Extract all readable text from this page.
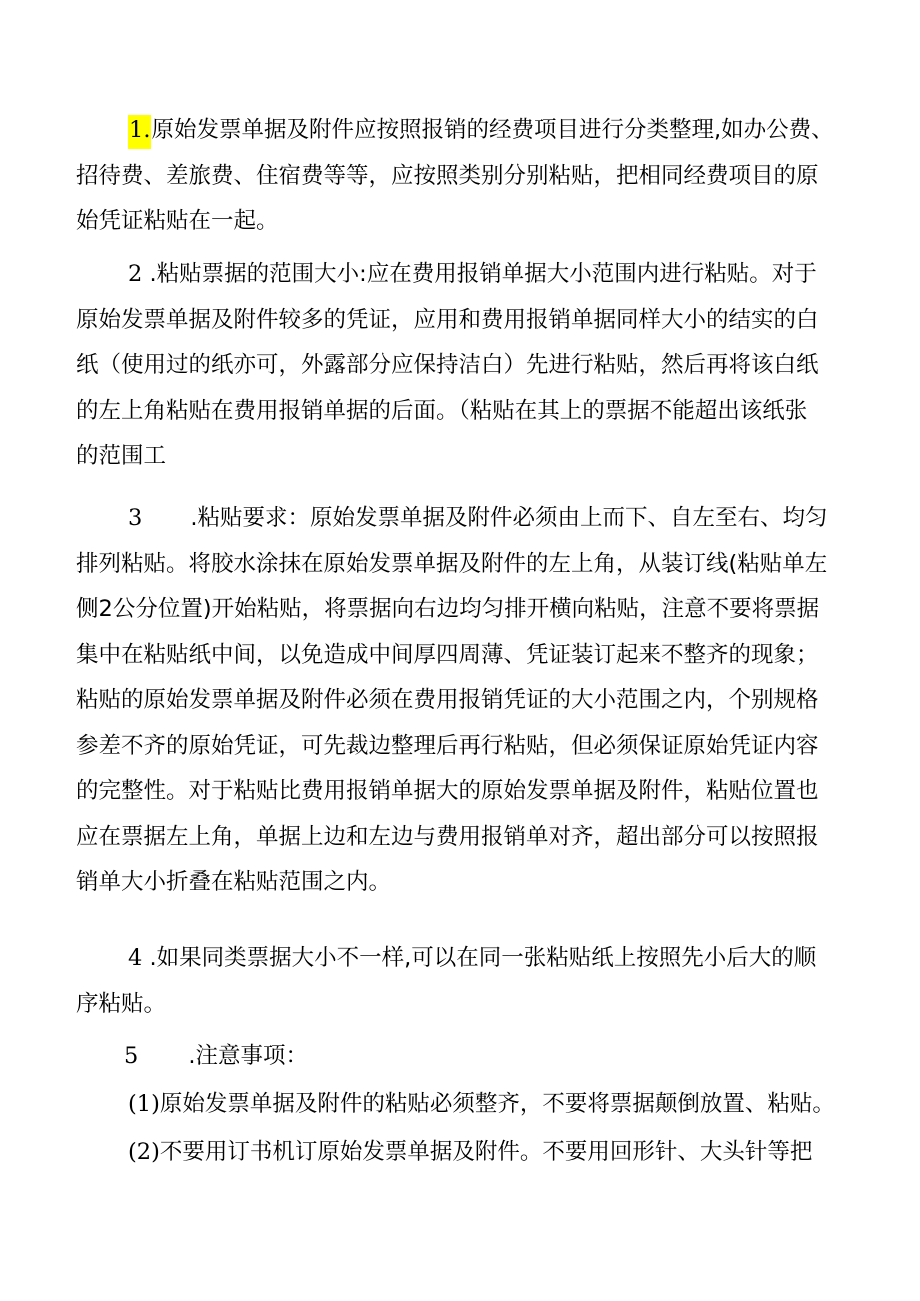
1.原始发票单据及附件应按照报销的经费项目进行分类整理,如办公费、
招待费、差旅费、住宿费等等，应按照类别分别粘贴，把相同经费项目的原
始凭证粘贴在一起。
2 .粘贴票据的范围大小:应在费用报销单据大小范围内进行粘贴。对于
原始发票单据及附件较多的凭证，应用和费用报销单据同样大小的结实的白
纸（使用过的纸亦可，外露部分应保持洁白）先进行粘贴，然后再将该白纸
的左上角粘贴在费用报销单据的后面。（粘贴在其上的票据不能超出该纸张
的范围工
3 .粘贴要求：原始发票单据及附件必须由上而下、自左至右、均匀
排列粘贴。将胶水涂抹在原始发票单据及附件的左上角，从装订线(粘贴单左
侧2公分位置)开始粘贴，将票据向右边均匀排开横向粘贴，注意不要将票据
集中在粘贴纸中间，以免造成中间厚四周薄、凭证装订起来不整齐的现象；
粘贴的原始发票单据及附件必须在费用报销凭证的大小范围之内，个别规格
参差不齐的原始凭证，可先裁边整理后再行粘贴，但必须保证原始凭证内容
的完整性。对于粘贴比费用报销单据大的原始发票单据及附件，粘贴位置也
应在票据左上角，单据上边和左边与费用报销单对齐，超出部分可以按照报
销单大小折叠在粘贴范围之内。
4 .如果同类票据大小不一样,可以在同一张粘贴纸上按照先小后大的顺
序粘贴。
5 .注意事项：
(1)原始发票单据及附件的粘贴必须整齐，不要将票据颠倒放置、粘贴。
(2)不要用订书机订原始发票单据及附件。不要用回形针、大头针等把
